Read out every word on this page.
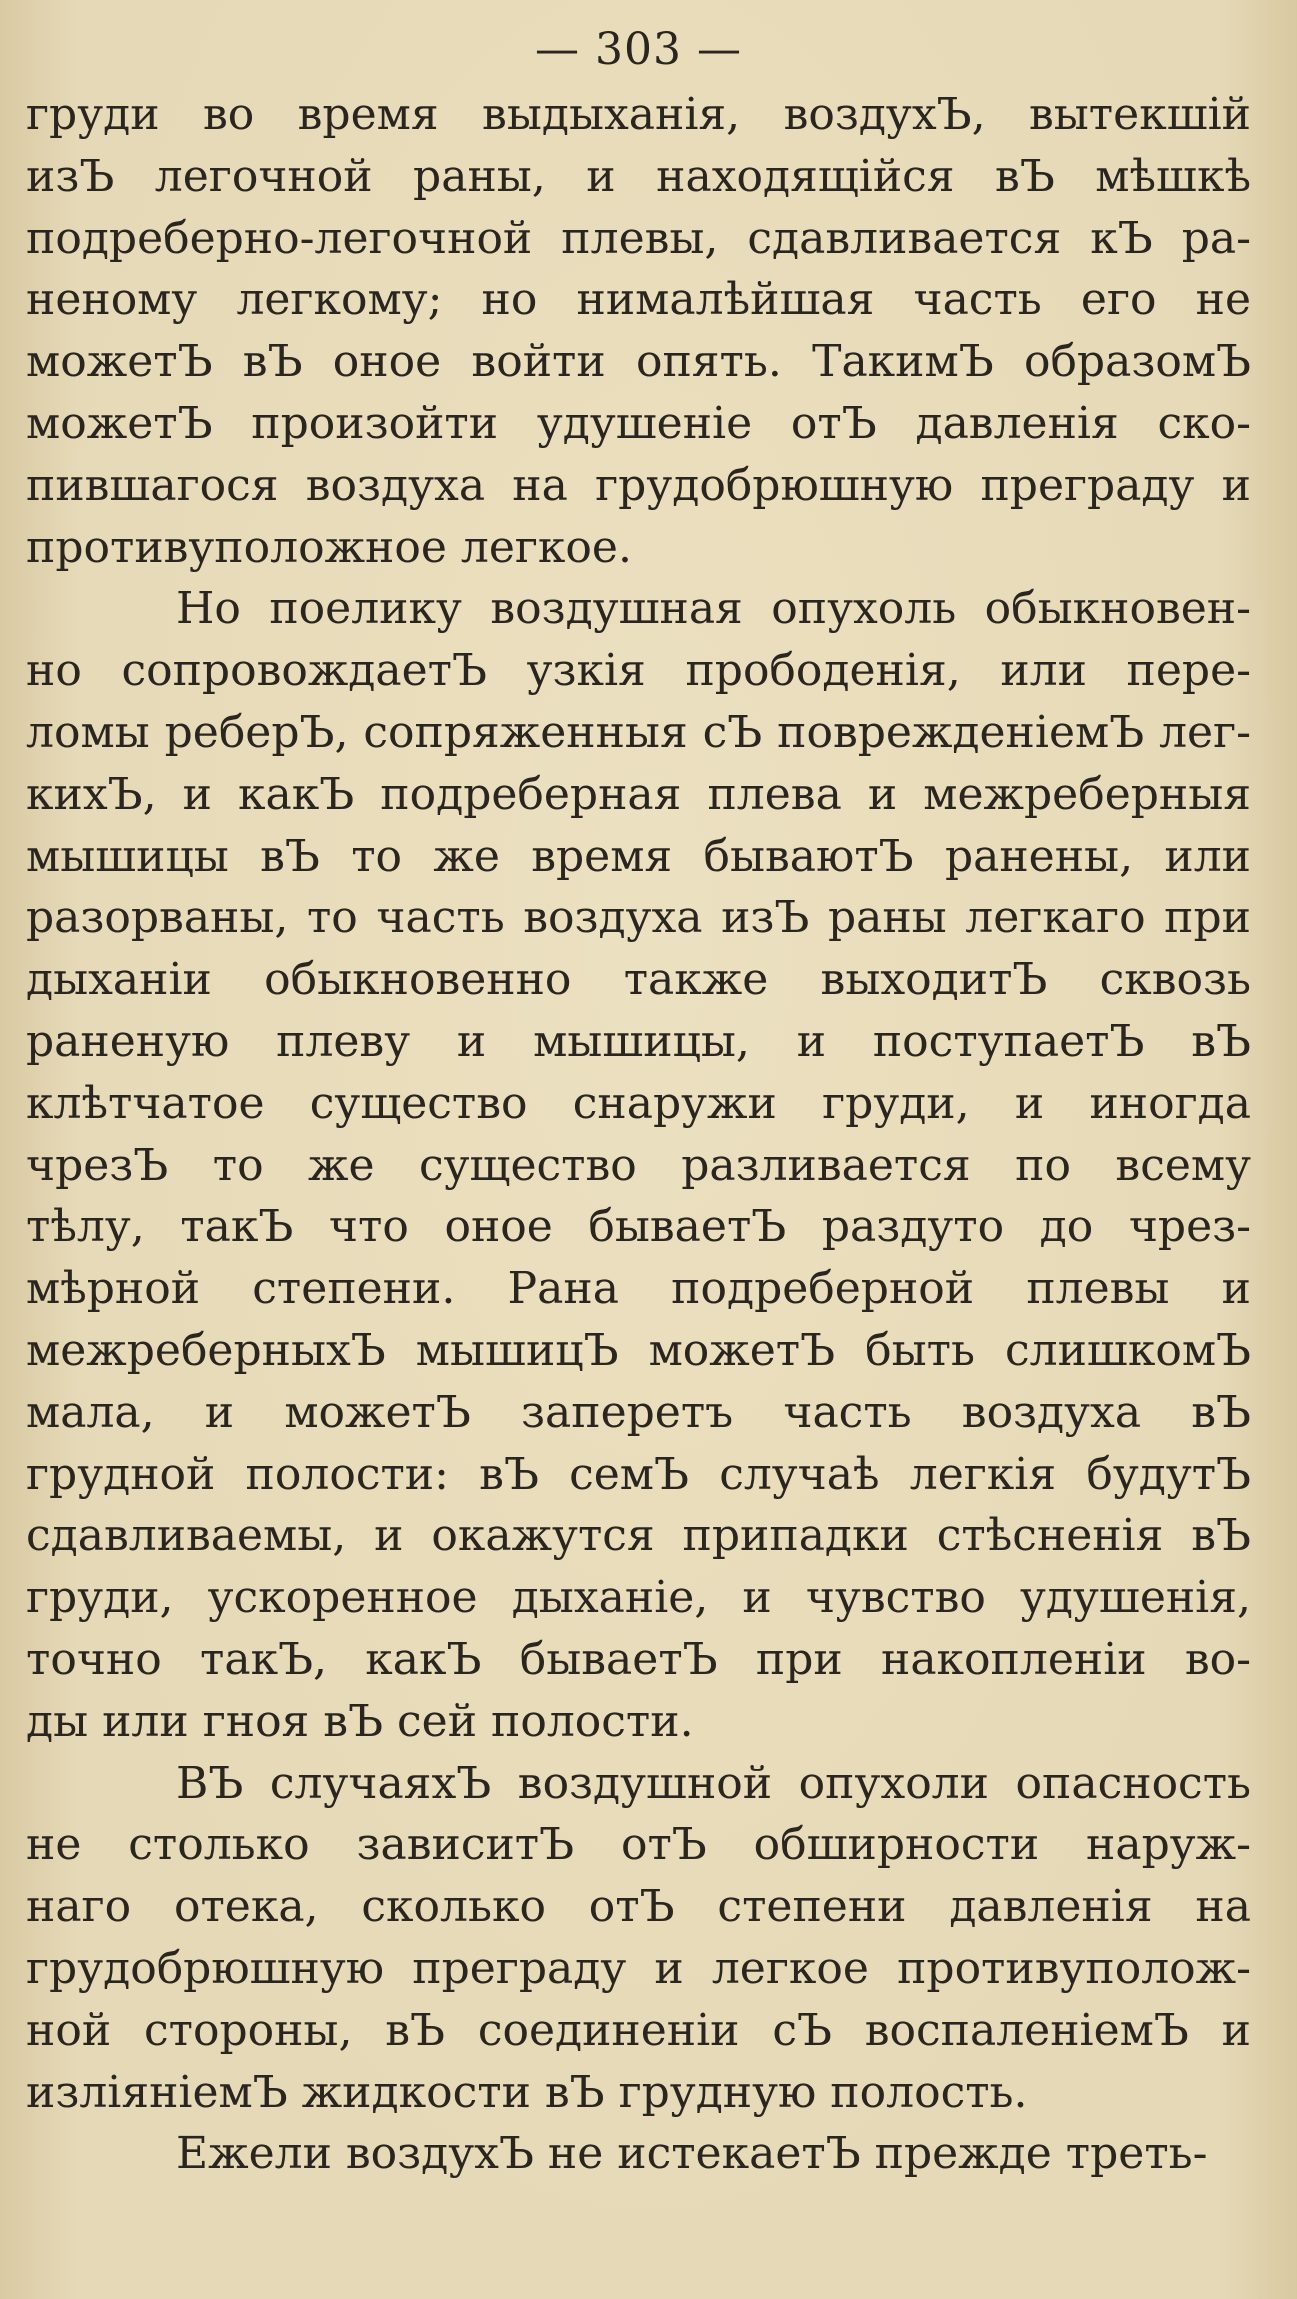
— 303 —
груди во время выдыханія, воздухЪ, вытекшій
изЪ легочной раны, и находящійся вЪ мѣшкѣ
подреберно-легочной плевы, сдавливается кЪ ра-
неному легкому; но нималѣйшая часть его не
можетЪ вЪ оное войти опять. ТакимЪ образомЪ
можетЪ произойти удушеніе отЪ давленія ско-
пившагося воздуха на грудобрюшную преграду и
противуположное легкое.
Но поелику воздушная опухоль обыкновен-
но сопровождаетЪ узкія прободенія, или пере-
ломы реберЪ, сопряженныя сЪ поврежденіемЪ лег-
кихЪ, и какЪ подреберная плева и межреберныя
мышицы вЪ то же время бываютЪ ранены, или
разорваны, то часть воздуха изЪ раны легкаго при
дыханіи обыкновенно также выходитЪ сквозь
раненую плеву и мышицы, и поступаетЪ вЪ
клѣтчатое существо снаружи груди, и иногда
чрезЪ то же существо разливается по всему
тѣлу, такЪ что оное бываетЪ раздуто до чрез-
мѣрной степени. Рана подреберной плевы и
межреберныхЪ мышицЪ можетЪ быть слишкомЪ
мала, и можетЪ заперетъ часть воздуха вЪ
грудной полости: вЪ семЪ случаѣ легкія будутЪ
сдавливаемы, и окажутся припадки стѣсненія вЪ
груди, ускоренное дыханіе, и чувство удушенія,
точно такЪ, какЪ бываетЪ при накопленіи во-
ды или гноя вЪ сей полости.
ВЪ случаяхЪ воздушной опухоли опасность
не столько зависитЪ отЪ обширности наруж-
наго отека, сколько отЪ степени давленія на
грудобрюшную преграду и легкое противуполож-
ной стороны, вЪ соединеніи сЪ воспаленіемЪ и
изліяніемЪ жидкости вЪ грудную полость.
Ежели воздухЪ не истекаетЪ прежде треть-
